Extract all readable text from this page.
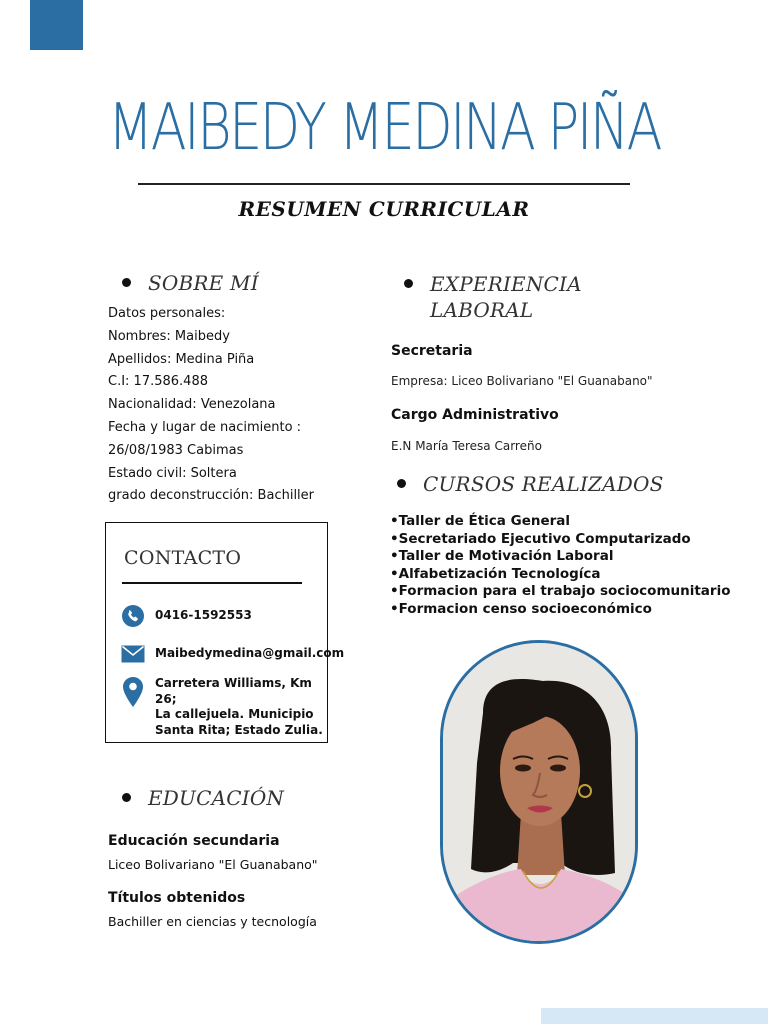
MAIBEDY MEDINA PIÑA
RESUMEN CURRICULAR
SOBRE MÍ
Datos personales:
Nombres: Maibedy
Apellidos: Medina Piña
C.I: 17.586.488
Nacionalidad: Venezolana
Fecha y lugar de nacimiento :
26/08/1983 Cabimas
Estado civil: Soltera
grado deconstrucción: Bachiller
CONTACTO
0416-1592553
Maibedymedina@gmail.com
Carretera Williams, Km 26;
La callejuela. Municipio
Santa Rita; Estado Zulia.
EDUCACIÓN
Educación secundaria
Liceo Bolivariano "El Guanabano"
Títulos obtenidos
Bachiller en ciencias y tecnología
EXPERIENCIA
LABORAL
Secretaria
Empresa: Liceo Bolivariano "El Guanabano"
Cargo Administrativo
E.N María Teresa Carreño
CURSOS REALIZADOS
•Taller de Ética General
•Secretariado Ejecutivo Computarizado
•Taller de Motivación Laboral
•Alfabetización Tecnologíca
•Formacion para el trabajo sociocomunitario
•Formacion censo socioeconómico
